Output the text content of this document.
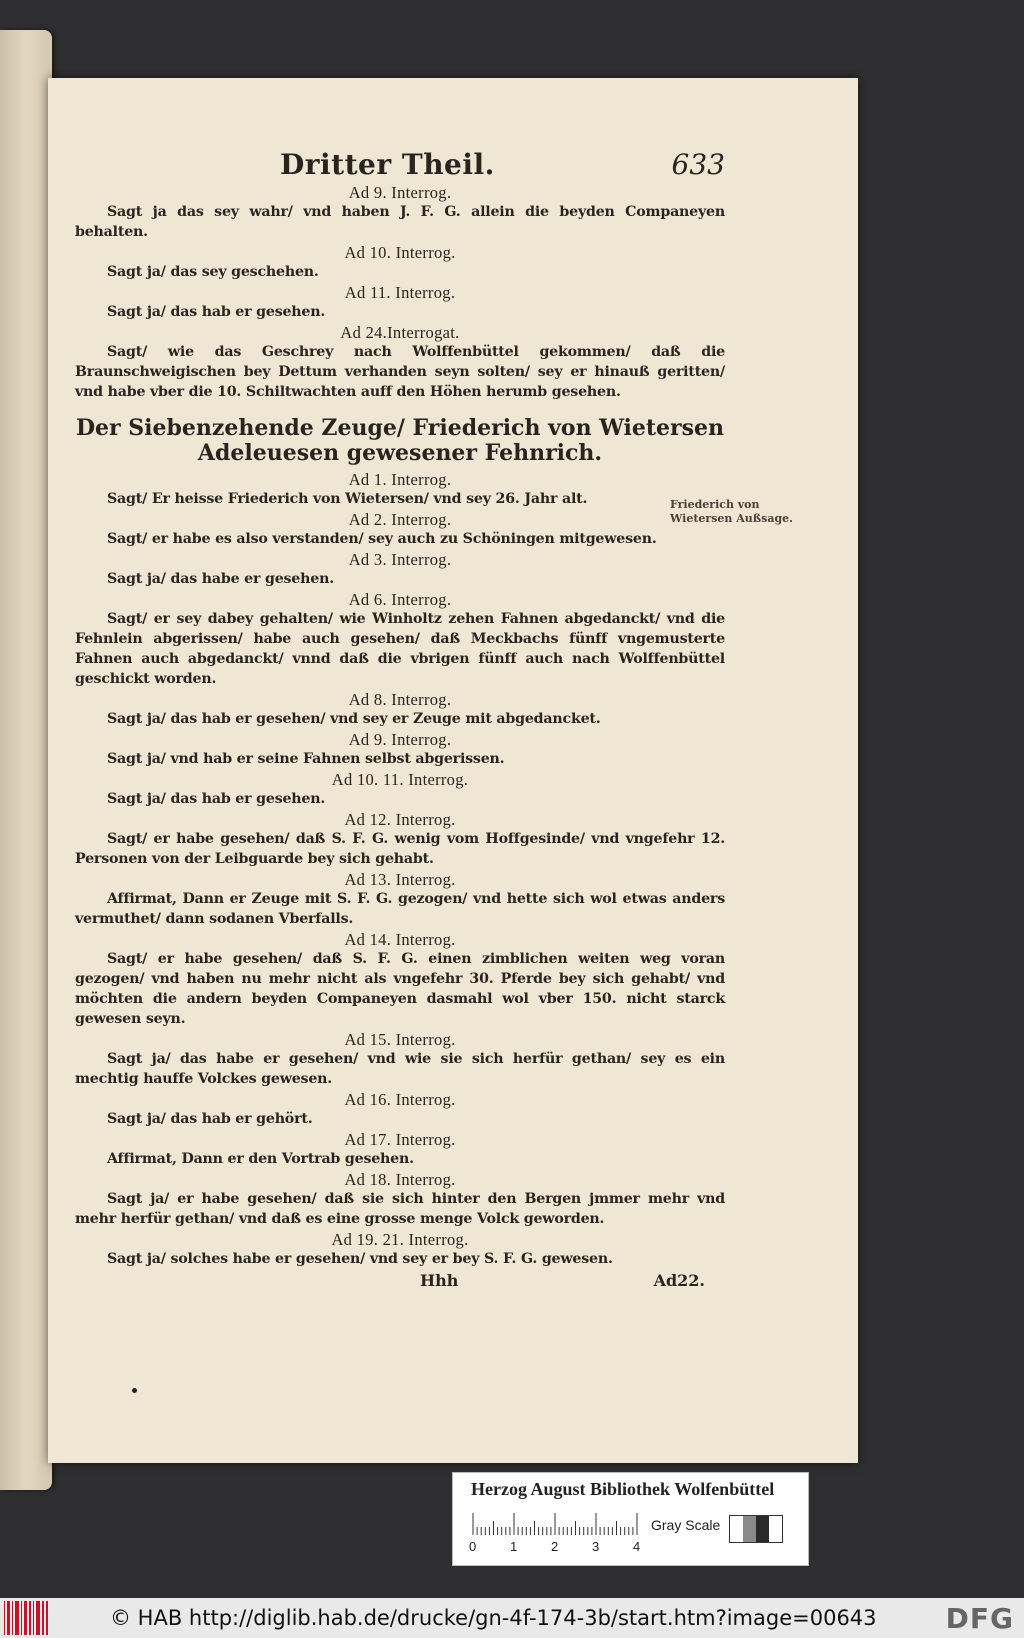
Dritter Theil.	633

Ad 9. Interrog.

Sagt ja das sey wahr/ vnd haben J. F. G. allein die beyden Companeyen behalten.

Ad 10. Interrog.

Sagt ja/ das sey geschehen.

Ad 11. Interrog.

Sagt ja/ das hab er gesehen.

Ad 24.Interrogat.

Sagt/ wie das Geschrey nach Wolffenbüttel gekommen/ daß die Braunschweigischen bey Dettum verhanden seyn solten/ sey er hinauß geritten/ vnd habe vber die 10. Schiltwachten auff den Höhen herumb gesehen.

Der Siebenzehende Zeuge/ Friederich von Wietersen Adeleuesen gewesener Fehnrich.

Ad 1. Interrog.

Sagt/ Er heisse Friederich von Wietersen/ vnd sey 26. Jahr alt.

Ad 2. Interrog.

Sagt/ er habe es also verstanden/ sey auch zu Schöningen mitgewesen.

Ad 3. Interrog.

Sagt ja/ das habe er gesehen.

Ad 6. Interrog.

Sagt/ er sey dabey gehalten/ wie Winholtz zehen Fahnen abgedanckt/ vnd die Fehnlein abgerissen/ habe auch gesehen/ daß Meckbachs fünff vngemusterte Fahnen auch abgedanckt/ vnnd daß die vbrigen fünff auch nach Wolffenbüttel geschickt worden.

Ad 8. Interrog.

Sagt ja/ das hab er gesehen/ vnd sey er Zeuge mit abgedancket.

Ad 9. Interrog.

Sagt ja/ vnd hab er seine Fahnen selbst abgerissen.

Ad 10. 11. Interrog.

Sagt ja/ das hab er gesehen.

Ad 12. Interrog.

Sagt/ er habe gesehen/ daß S. F. G. wenig vom Hoffgesinde/ vnd vngefehr 12. Personen von der Leibguarde bey sich gehabt.

Ad 13. Interrog.

Affirmat, Dann er Zeuge mit S. F. G. gezogen/ vnd hette sich wol etwas anders vermuthet/ dann sodanen Vberfalls.

Ad 14. Interrog.

Sagt/ er habe gesehen/ daß S. F. G. einen zimblichen weiten weg voran gezogen/ vnd haben nu mehr nicht als vngefehr 30. Pferde bey sich gehabt/ vnd möchten die andern beyden Companeyen dasmahl wol vber 150. nicht starck gewesen seyn.

Ad 15. Interrog.

Sagt ja/ das habe er gesehen/ vnd wie sie sich herfür gethan/ sey es ein mechtig hauffe Volckes gewesen.

Ad 16. Interrog.

Sagt ja/ das hab er gehört.

Ad 17. Interrog.

Affirmat, Dann er den Vortrab gesehen.

Ad 18. Interrog.

Sagt ja/ er habe gesehen/ daß sie sich hinter den Bergen jmmer mehr vnd mehr herfür gethan/ vnd daß es eine grosse menge Volck geworden.

Ad 19. 21. Interrog.

Sagt ja/ solches habe er gesehen/ vnd sey er bey S. F. G. gewesen.

Hhh	Ad22.
Friederich von Wietersen Außsage.
Herzog August Bibliothek Wolfenbüttel
0	1	2	3	4
Gray Scale
© HAB http://diglib.hab.de/drucke/gn-4f-174-3b/start.htm?image=00643 DFG
